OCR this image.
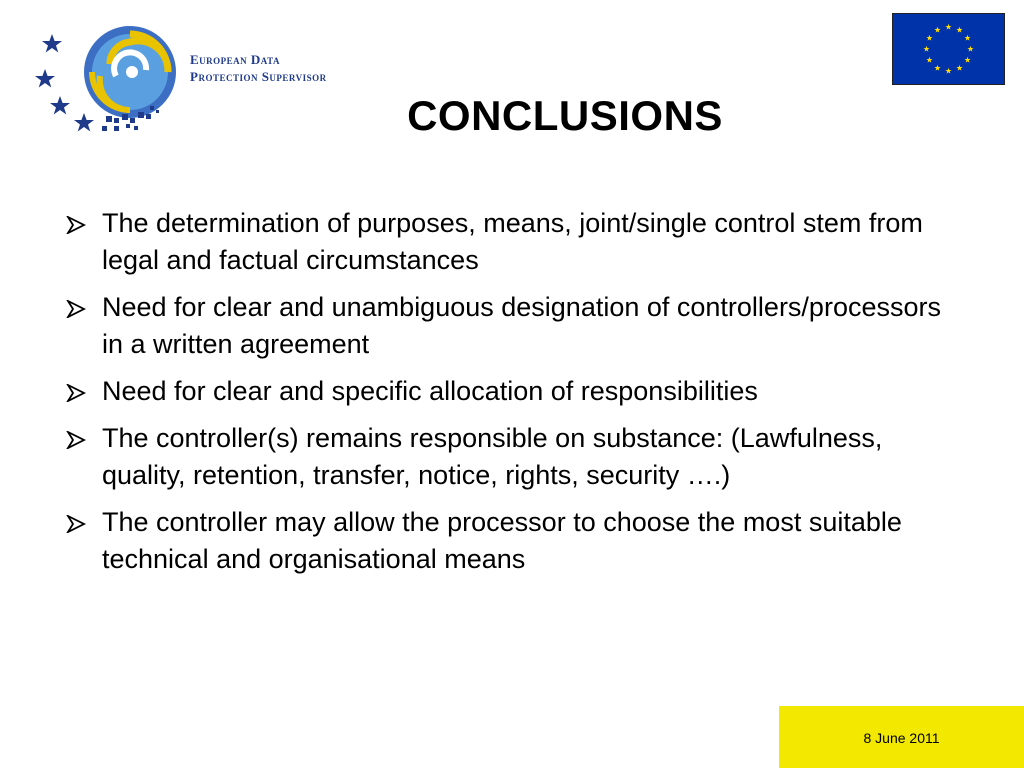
European Data
Protection Supervisor
CONCLUSIONS
The determination of purposes, means, joint/single control stem from legal and factual circumstances
Need for clear and unambiguous designation of controllers/processors in a written agreement
Need for clear and specific allocation of responsibilities
The controller(s) remains responsible on substance: (Lawfulness, quality, retention, transfer, notice, rights, security ….)
The controller may allow the processor to choose the most suitable technical and organisational means
8 June 2011
